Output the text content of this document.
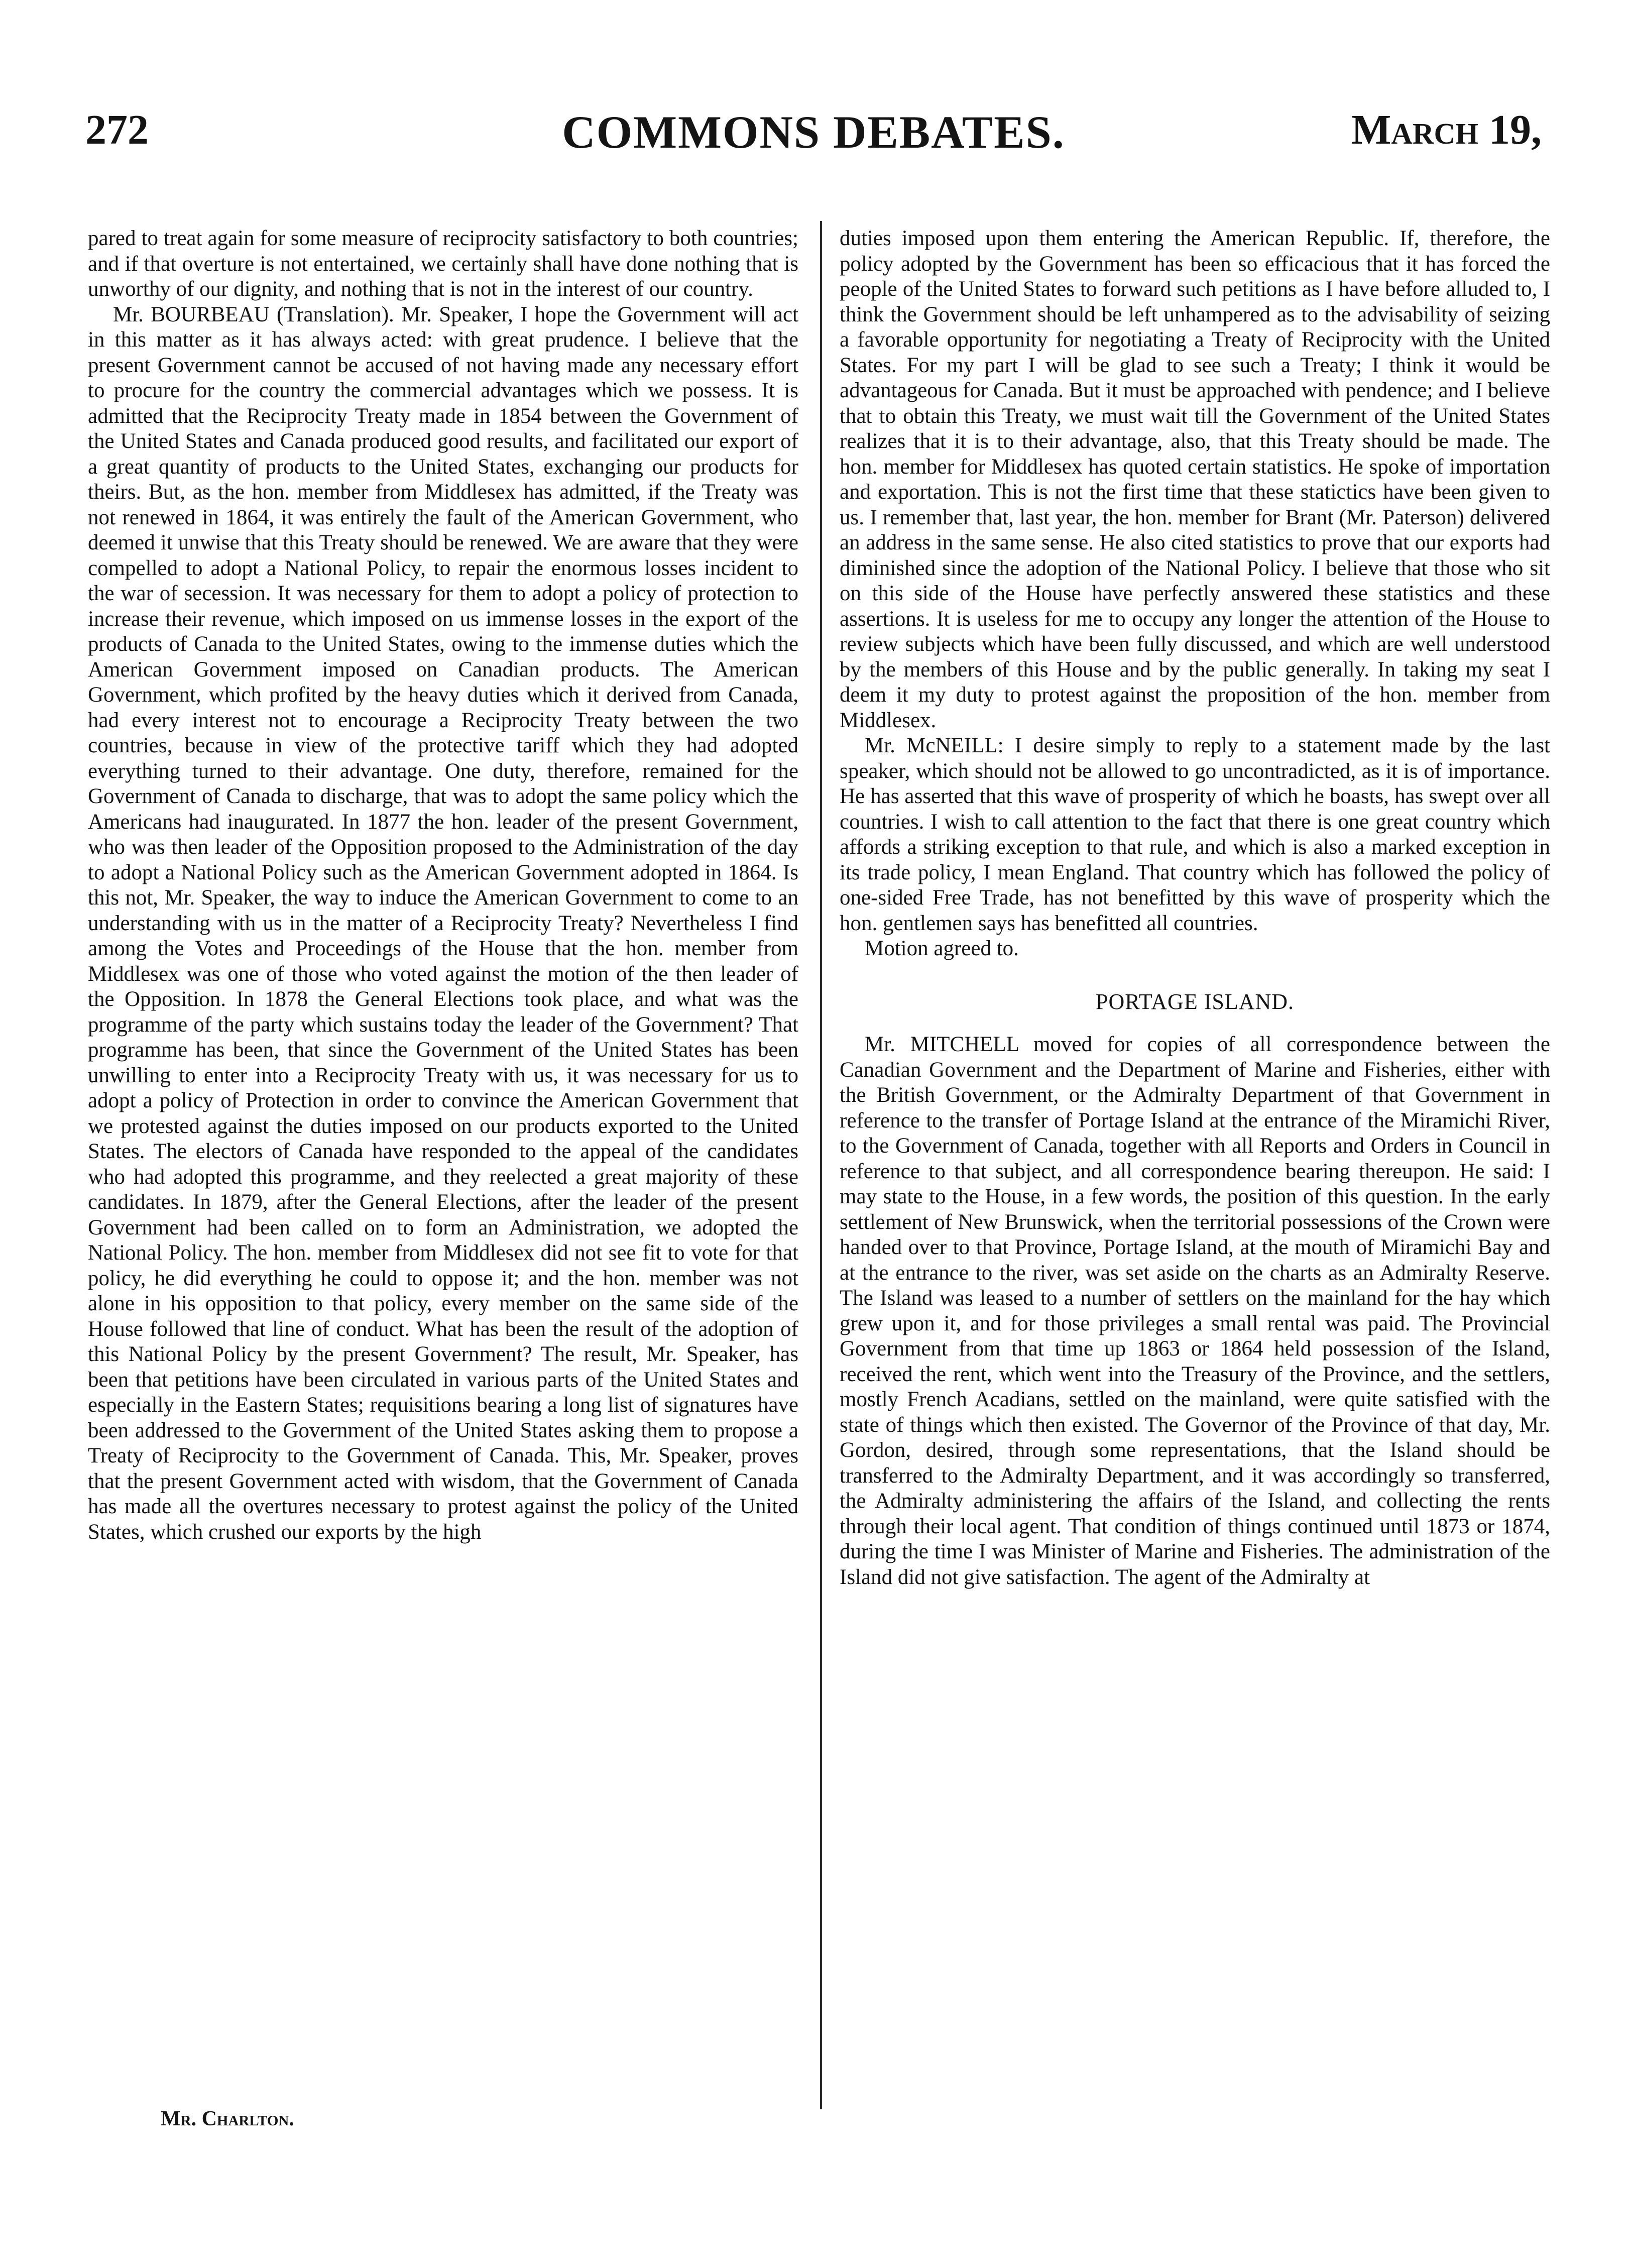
272	COMMONS DEBATES.	March 19,

pared to treat again for some measure of reciprocity satisfactory to both countries; and if that overture is not entertained, we certainly shall have done nothing that is unworthy of our dignity, and nothing that is not in the interest of our country.

Mr. BOURBEAU (Translation). Mr. Speaker, I hope the Government will act in this matter as it has always acted: with great prudence. I believe that the present Government cannot be accused of not having made any necessary effort to procure for the country the commercial advantages which we possess. It is admitted that the Reciprocity Treaty made in 1854 between the Government of the United States and Canada produced good results, and facilitated our export of a great quantity of products to the United States, exchanging our products for theirs. But, as the hon. member from Middlesex has admitted, if the Treaty was not renewed in 1864, it was entirely the fault of the American Government, who deemed it unwise that this Treaty should be renewed. We are aware that they were compelled to adopt a National Policy, to repair the enormous losses incident to the war of secession. It was necessary for them to adopt a policy of protection to increase their revenue, which imposed on us immense losses in the export of the products of Canada to the United States, owing to the immense duties which the American Government imposed on Canadian products. The American Government, which profited by the heavy duties which it derived from Canada, had every interest not to encourage a Reciprocity Treaty between the two countries, because in view of the protective tariff which they had adopted everything turned to their advantage. One duty, therefore, remained for the Government of Canada to discharge, that was to adopt the same policy which the Americans had inaugurated. In 1877 the hon. leader of the present Government, who was then leader of the Opposition proposed to the Administration of the day to adopt a National Policy such as the American Government adopted in 1864. Is this not, Mr. Speaker, the way to induce the American Government to come to an understanding with us in the matter of a Reciprocity Treaty? Nevertheless I find among the Votes and Proceedings of the House that the hon. member from Middlesex was one of those who voted against the motion of the then leader of the Opposition. In 1878 the General Elections took place, and what was the programme of the party which sustains today the leader of the Government? That programme has been, that since the Government of the United States has been unwilling to enter into a Reciprocity Treaty with us, it was necessary for us to adopt a policy of Protection in order to convince the American Government that we protested against the duties imposed on our products exported to the United States. The electors of Canada have responded to the appeal of the candidates who had adopted this programme, and they reelected a great majority of these candidates. In 1879, after the General Elections, after the leader of the present Government had been called on to form an Administration, we adopted the National Policy. The hon. member from Middlesex did not see fit to vote for that policy, he did everything he could to oppose it; and the hon. member was not alone in his opposition to that policy, every member on the same side of the House followed that line of conduct. What has been the result of the adoption of this National Policy by the present Government? The result, Mr. Speaker, has been that petitions have been circulated in various parts of the United States and especially in the Eastern States; requisitions bearing a long list of signatures have been addressed to the Government of the United States asking them to propose a Treaty of Reciprocity to the Government of Canada. This, Mr. Speaker, proves that the present Government acted with wisdom, that the Government of Canada has made all the overtures necessary to protest against the policy of the United States, which crushed our exports by the high

duties imposed upon them entering the American Republic. If, therefore, the policy adopted by the Government has been so efficacious that it has forced the people of the United States to forward such petitions as I have before alluded to, I think the Government should be left unhampered as to the advisability of seizing a favorable opportunity for negotiating a Treaty of Reciprocity with the United States. For my part I will be glad to see such a Treaty; I think it would be advantageous for Canada. But it must be approached with pendence; and I believe that to obtain this Treaty, we must wait till the Government of the United States realizes that it is to their advantage, also, that this Treaty should be made. The hon. member for Middlesex has quoted certain statistics. He spoke of importation and exportation. This is not the first time that these statictics have been given to us. I remember that, last year, the hon. member for Brant (Mr. Paterson) delivered an address in the same sense. He also cited statistics to prove that our exports had diminished since the adoption of the National Policy. I believe that those who sit on this side of the House have perfectly answered these statistics and these assertions. It is useless for me to occupy any longer the attention of the House to review subjects which have been fully discussed, and which are well understood by the members of this House and by the public generally. In taking my seat I deem it my duty to protest against the proposition of the hon. member from Middlesex.

Mr. McNEILL: I desire simply to reply to a statement made by the last speaker, which should not be allowed to go uncontradicted, as it is of importance. He has asserted that this wave of prosperity of which he boasts, has swept over all countries. I wish to call attention to the fact that there is one great country which affords a striking exception to that rule, and which is also a marked exception in its trade policy, I mean England. That country which has followed the policy of one-sided Free Trade, has not benefitted by this wave of prosperity which the hon. gentlemen says has benefitted all countries.

Motion agreed to.

PORTAGE ISLAND.

Mr. MITCHELL moved for copies of all correspondence between the Canadian Government and the Department of Marine and Fisheries, either with the British Government, or the Admiralty Department of that Government in reference to the transfer of Portage Island at the entrance of the Miramichi River, to the Government of Canada, together with all Reports and Orders in Council in reference to that subject, and all correspondence bearing thereupon. He said: I may state to the House, in a few words, the position of this question. In the early settlement of New Brunswick, when the territorial possessions of the Crown were handed over to that Province, Portage Island, at the mouth of Miramichi Bay and at the entrance to the river, was set aside on the charts as an Admiralty Reserve. The Island was leased to a number of settlers on the mainland for the hay which grew upon it, and for those privileges a small rental was paid. The Provincial Government from that time up 1863 or 1864 held possession of the Island, received the rent, which went into the Treasury of the Province, and the settlers, mostly French Acadians, settled on the mainland, were quite satisfied with the state of things which then existed. The Governor of the Province of that day, Mr. Gordon, desired, through some representations, that the Island should be transferred to the Admiralty Department, and it was accordingly so transferred, the Admiralty administering the affairs of the Island, and collecting the rents through their local agent. That condition of things continued until 1873 or 1874, during the time I was Minister of Marine and Fisheries. The administration of the Island did not give satisfaction. The agent of the Admiralty at

Mr. Charlton.
